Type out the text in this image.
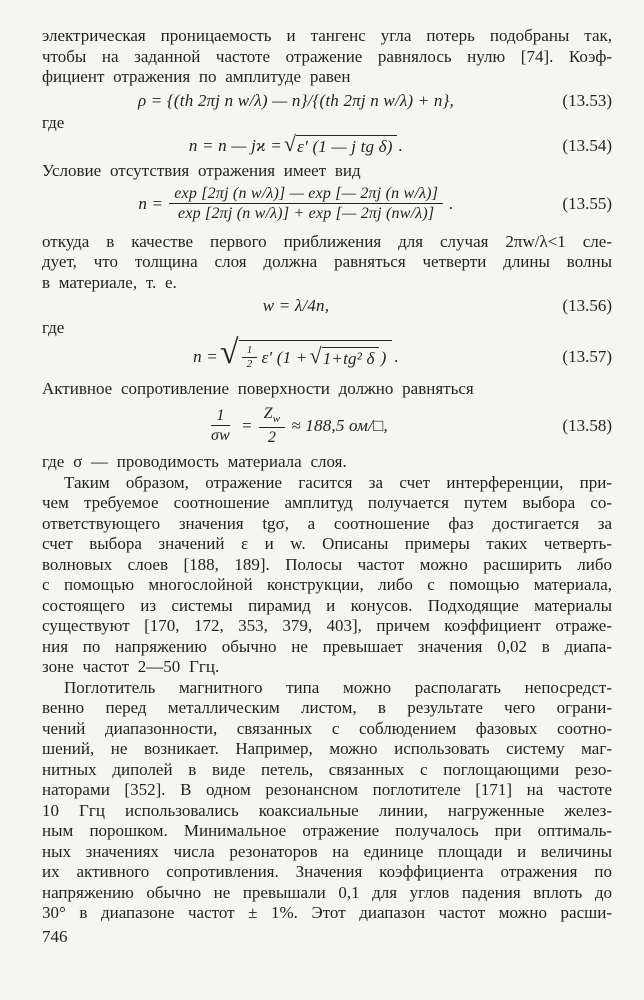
электрическая проницаемость и тангенс угла потерь подобраны так,
чтобы на заданной частоте отражение равнялось нулю [74]. Коэф-
фициент отражения по амплитуде равен
ρ = {(th 2πj n w/λ) — n}/{(th 2πj n w/λ) + n},	(13.53)
где
n = n — jϰ = √ ε′ (1 — j tg δ) .	(13.54)
Условие отсутствия отражения имеет вид
$n = \frac{\text{exp [2πj (n w/λ)] — exp [— 2πj (n w/λ)]}}{\text{exp [2πj (n w/λ)] + exp [— 2πj (nw/λ)]}}$ .	(13.55)
откуда в качестве первого приближения для случая 2πw/λ<1 сле-
дует, что толщина слоя должна равняться четверти длины волны
в материале, т. е.
w = λ/4n,	(13.56)
где
n = √ $\frac{1}{2} \varepsilon'$ (1 + √ 1+tg² δ ) .	(13.57)
Активное сопротивление поверхности должно равняться
$\frac{1}{\sigma w} = \frac{Z_w}{2} \approx 188,5$ ом/□,	(13.58)
где σ — проводимость материала слоя.
Таким образом, отражение гасится за счет интерференции, при-
чем требуемое соотношение амплитуд получается путем выбора со-
ответствующего значения tgσ, а соотношение фаз достигается за
счет выбора значений ε и w. Описаны примеры таких четверть-
волновых слоев [188, 189]. Полосы частот можно расширить либо
с помощью многослойной конструкции, либо с помощью материала,
состоящего из системы пирамид и конусов. Подходящие материалы
существуют [170, 172, 353, 379, 403], причем коэффициент отраже-
ния по напряжению обычно не превышает значения 0,02 в диапа-
зоне частот 2—50 Ггц.
Поглотитель магнитного типа можно располагать непосредст-
венно перед металлическим листом, в результате чего ограни-
чений диапазонности, связанных с соблюдением фазовых соотно-
шений, не возникает. Например, можно использовать систему маг-
нитных диполей в виде петель, связанных с поглощающими резо-
наторами [352]. В одном резонансном поглотителе [171] на частоте
10 Ггц использовались коаксиальные линии, нагруженные желез-
ным порошком. Минимальное отражение получалось при оптималь-
ных значениях числа резонаторов на единице площади и величины
их активного сопротивления. Значения коэффициента отражения по
напряжению обычно не превышали 0,1 для углов падения вплоть до
30° в диапазоне частот ± 1%. Этот диапазон частот можно расши-
746
